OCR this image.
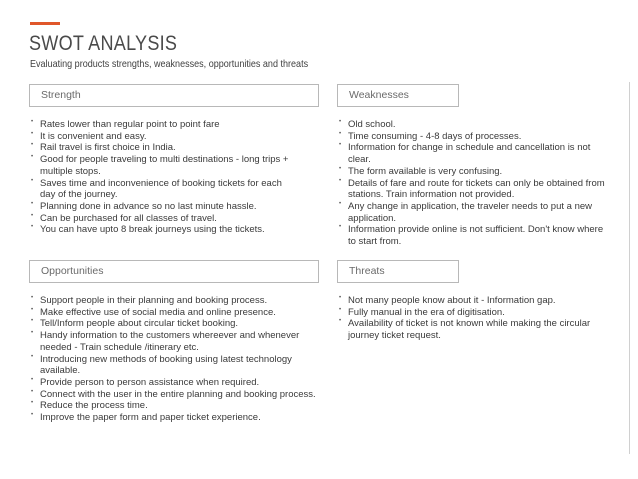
SWOT ANALYSIS
Evaluating products strengths, weaknesses, opportunities and threats
Strength
• Rates lower than regular point to point fare
• It is convenient and easy.
• Rail travel is first choice in India.
• Good for people traveling to multi destinations - long trips + multiple stops.
• Saves time and inconvenience of booking tickets for each day of the journey.
• Planning done in advance so no last minute hassle.
• Can be purchased for all classes of travel.
• You can have upto 8 break journeys using the tickets.
Weaknesses
• Old school.
• Time consuming - 4-8 days of processes.
• Information for change in schedule and cancellation is not clear.
• The form available is very confusing.
• Details of fare and route for tickets can only be obtained from stations. Train information not provided.
• Any change in application, the traveler needs to put a new application.
• Information provide online is not sufficient. Don't know where to start from.
Opportunities
• Support people in their planning and booking process.
• Make effective use of social media and online presence.
• Tell/Inform people about circular ticket booking.
• Handy information to the customers whereever and whenever needed - Train schedule /itinerary etc.
• Introducing new methods of booking using latest technology available.
• Provide person to person assistance when required.
• Connect with the user in the entire planning and booking process.
• Reduce the process time.
• Improve the paper form and paper ticket experience.
Threats
• Not many people know about it - Information gap.
• Fully manual in the era of digitisation.
• Availability of ticket is not known while making the circular journey ticket request.
